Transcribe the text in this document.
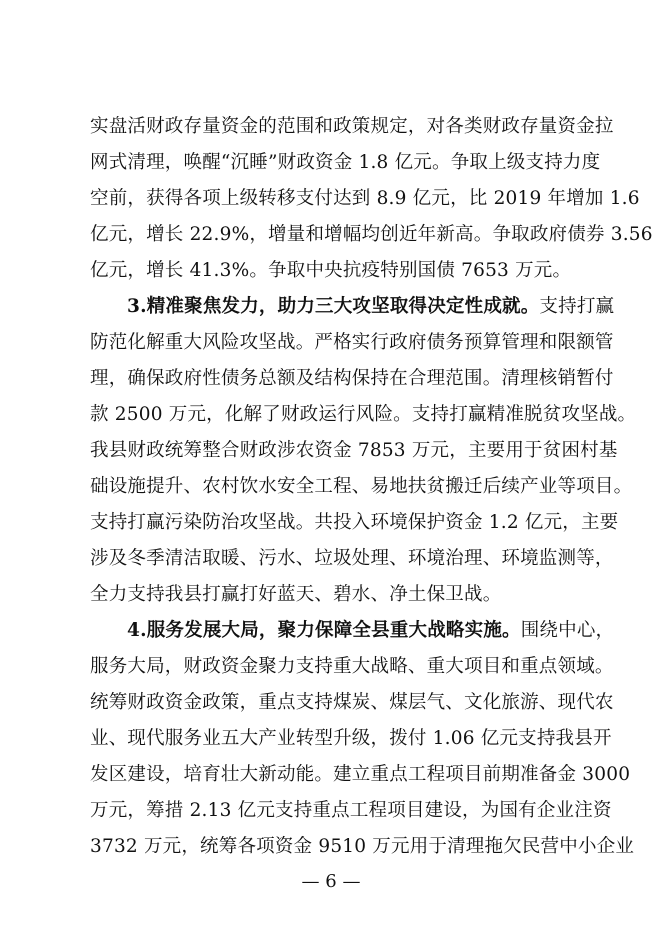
实盘活财政存量资金的范围和政策规定，对各类财政存量资金拉
网式清理，唤醒“沉睡”财政资金 1.8 亿元。争取上级支持力度
空前，获得各项上级转移支付达到 8.9 亿元，比 2019 年增加 1.6
亿元，增长 22.9%，增量和增幅均创近年新高。争取政府债券 3.56
亿元，增长 41.3%。争取中央抗疫特别国债 7653 万元。
3.精准聚焦发力，助力三大攻坚取得决定性成就。支持打赢
防范化解重大风险攻坚战。严格实行政府债务预算管理和限额管
理，确保政府性债务总额及结构保持在合理范围。清理核销暂付
款 2500 万元，化解了财政运行风险。支持打赢精准脱贫攻坚战。
我县财政统筹整合财政涉农资金 7853 万元，主要用于贫困村基
础设施提升、农村饮水安全工程、易地扶贫搬迁后续产业等项目。
支持打赢污染防治攻坚战。共投入环境保护资金 1.2 亿元，主要
涉及冬季清洁取暖、污水、垃圾处理、环境治理、环境监测等，
全力支持我县打赢打好蓝天、碧水、净土保卫战。
4.服务发展大局，聚力保障全县重大战略实施。围绕中心，
服务大局，财政资金聚力支持重大战略、重大项目和重点领域。
统筹财政资金政策，重点支持煤炭、煤层气、文化旅游、现代农
业、现代服务业五大产业转型升级，拨付 1.06 亿元支持我县开
发区建设，培育壮大新动能。建立重点工程项目前期准备金 3000
万元，筹措 2.13 亿元支持重点工程项目建设，为国有企业注资
3732 万元，统筹各项资金 9510 万元用于清理拖欠民营中小企业
— 6 —
